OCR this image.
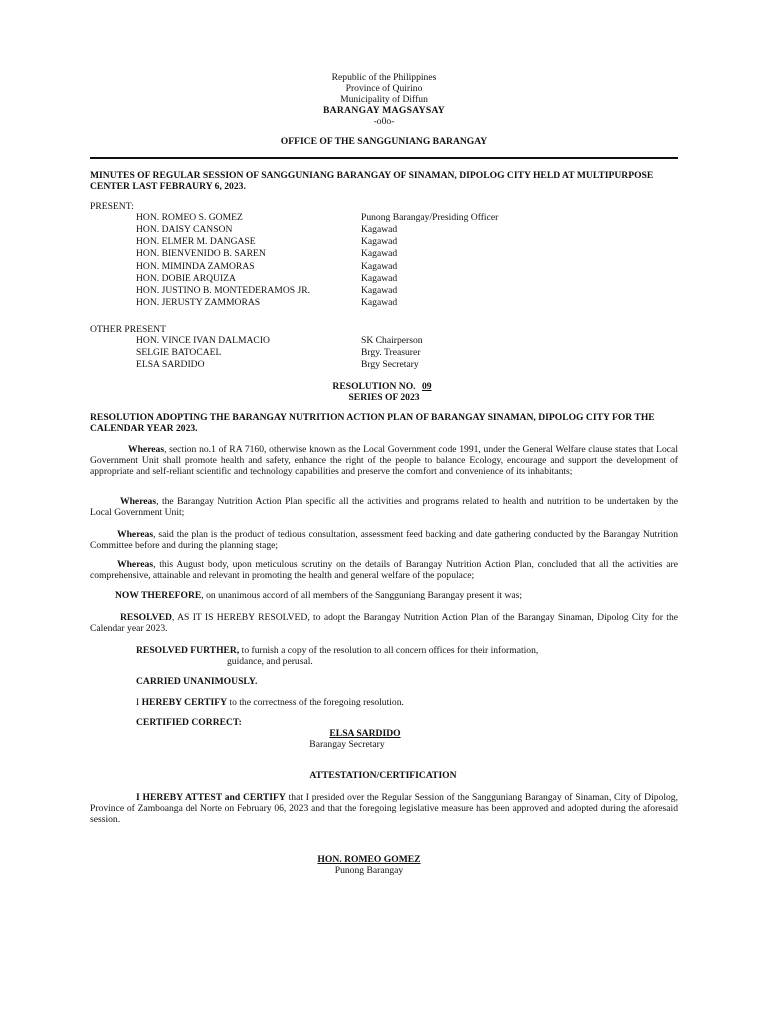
Republic of the Philippines
Province of Quirino
Municipality of Diffun
BARANGAY MAGSAYSAY
-o0o-
OFFICE OF THE SANGGUNIANG BARANGAY
MINUTES OF REGULAR SESSION OF SANGGUNIANG BARANGAY OF SINAMAN, DIPOLOG CITY HELD AT MULTIPURPOSE CENTER LAST FEBRAURY 6, 2023.
PRESENT:
HON. ROMEO S. GOMEZ	Punong Barangay/Presiding Officer
HON. DAISY CANSON	Kagawad
HON. ELMER M. DANGASE	Kagawad
HON. BIENVENIDO B. SAREN	Kagawad
HON. MIMINDA ZAMORAS	Kagawad
HON. DOBIE ARQUIZA	Kagawad
HON. JUSTINO B. MONTEDERAMOS JR.	Kagawad
HON. JERUSTY ZAMMORAS	Kagawad
OTHER PRESENT
HON. VINCE IVAN DALMACIO	SK Chairperson
SELGIE BATOCAEL	Brgy. Treasurer
ELSA SARDIDO	Brgy Secretary
RESOLUTION NO. 09
SERIES OF 2023
RESOLUTION ADOPTING THE BARANGAY NUTRITION ACTION PLAN OF BARANGAY SINAMAN, DIPOLOG CITY FOR THE CALENDAR YEAR 2023.
Whereas, section no.1 of RA 7160, otherwise known as the Local Government code 1991, under the General Welfare clause states that Local Government Unit shall promote health and safety, enhance the right of the people to balance Ecology, encourage and support the development of appropriate and self-reliant scientific and technology capabilities and preserve the comfort and convenience of its inhabitants;
Whereas, the Barangay Nutrition Action Plan specific all the activities and programs related to health and nutrition to be undertaken by the Local Government Unit;
Whereas, said the plan is the product of tedious consultation, assessment feed backing and date gathering conducted by the Barangay Nutrition Committee before and during the planning stage;
Whereas, this August body, upon meticulous scrutiny on the details of Barangay Nutrition Action Plan, concluded that all the activities are comprehensive, attainable and relevant in promoting the health and general welfare of the populace;
NOW THEREFORE, on unanimous accord of all members of the Sangguniang Barangay present it was;
RESOLVED, AS IT IS HEREBY RESOLVED, to adopt the Barangay Nutrition Action Plan of the Barangay Sinaman, Dipolog City for the Calendar year 2023.
RESOLVED FURTHER, to furnish a copy of the resolution to all concern offices for their information,
guidance, and perusal.
CARRIED UNANIMOUSLY.
I HEREBY CERTIFY to the correctness of the foregoing resolution.
CERTIFIED CORRECT:
ELSA SARDIDO
Barangay Secretary
ATTESTATION/CERTIFICATION
I HEREBY ATTEST and CERTIFY that I presided over the Regular Session of the Sangguniang Barangay of Sinaman, City of Dipolog, Province of Zamboanga del Norte on February 06, 2023 and that the foregoing legislative measure has been approved and adopted during the aforesaid session.
HON. ROMEO GOMEZ
Punong Barangay
